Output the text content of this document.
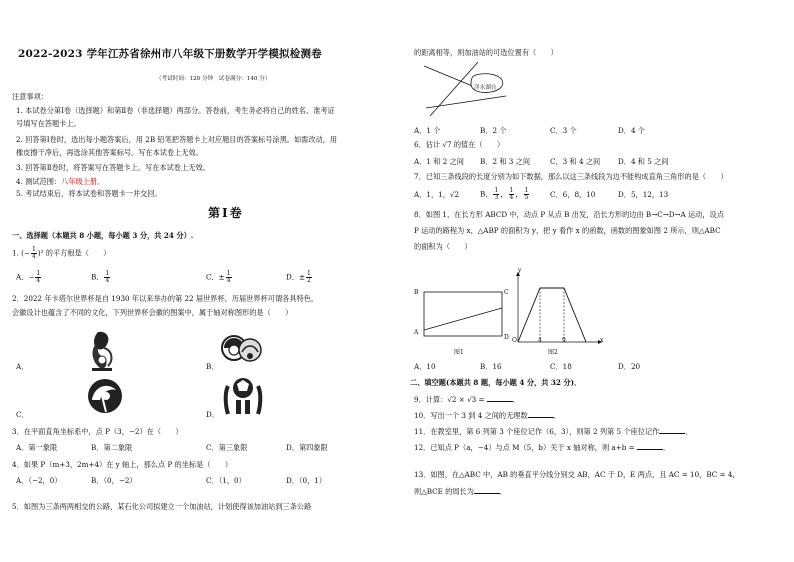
2022-2023 学年江苏省徐州市八年级下册数学开学模拟检测卷
（考试时间：120 分钟　试卷满分：140 分）
注意事项：
1. 本试卷分第Ⅰ卷（选择题）和第Ⅱ卷（非选择题）两部分。答卷前，考生务必将自己的姓名、准考证
号填写在答题卡上。
2. 回答第Ⅰ卷时，选出每小题答案后，用 2B 铅笔把答题卡上对应题目的答案标号涂黑。如需改动，用
橡皮擦干净后，再选涂其他答案标号。写在本试卷上无效。
3. 回答第Ⅱ卷时，将答案写在答题卡上。写在本试卷上无效。
4. 测试范围：八年级上册。
5. 考试结束后，将本试卷和答题卡一并交回。
第Ⅰ卷
一、选择题（本题共 8 小题，每小题 3 分，共 24 分）.
1. (− $\frac{1}{4} )^2$ 的平方根是（　　）
A．− $\frac{1}{4}$	B． $\frac{1}{4}$	C．± $\frac{1}{4}$	D．± $\frac{1}{2}$
2．2022 年卡塔尔世界杯是自 1930 年以来举办的第 22 届世界杯，历届世界杯可谓各具特色，
会徽设计也蕴含了不同的文化，下列世界杯会徽的图案中，属于轴对称图形的是（　　）
A．	B．
C．	D．
3．在平面直角坐标系中，点 P（3，−2）在（　　）
A．第一象限	B．第二象限	C．第三象限	D．第四象限
4．如果 P（m+3，2m+4）在 y 轴上，那么点 P 的坐标是（　　）
A．（−2，0）	B．（0，−2）	C．（1，0）	D．（0，1）
5．如图为三条两两相交的公路，某石化公司拟建立一个加油站，计划使得该加油站到三条公路
的距离相等，则加油站的可选位置有（　　）
洋水湖自
A．1 个	B．2 个	C．3 个	D．4 个
6．估计 √7 的值在（　　）
A．1 和 2 之间 B．2 和 3 之间	C．3 和 4 之间 D．4 和 5 之间
7．已知三条线段的长度分别为如下数据，那么以这三条线段为边不能构成直角三角形的是（　　）
A．1，1，√2	B． $\frac{1}{3}$ ， $\frac{1}{4}$ ， $\frac{1}{5}$	C．6，8，10	D．5，12，13
8．如图 1，在长方形 ABCD 中，动点 P 从点 B 出发，沿长方形的边由 B→C→D→A 运动，设点
P 运动的路程为 x，△ABP 的面积为 y，把 y 看作 x 的函数，函数的图象如图 2 所示，则△ABC
的面积为（　　）
B	C
A
D
图1
y
x
O	4	9
图2
A．10	B．16	C．18	D．20
二、填空题(本题共 8 题，每小题 4 分，共 32 分)．
9．计算：√2 × √3 =	．
10．写出一个 3 到 4 之间的无理数	．
11．在教室里，第 6 列第 3 个座位记作（6，3），则第 2 列第 5 个座位记作	．
12．已知点 P（a，−4）与点 M（5，b）关于 x 轴对称，则 a+b =	．
13．如图，在△ABC 中，AB 的垂直平分线分别交 AB，AC 于 D，E 两点，且 AC = 10，BC = 4，
则△BCE 的周长为	．
